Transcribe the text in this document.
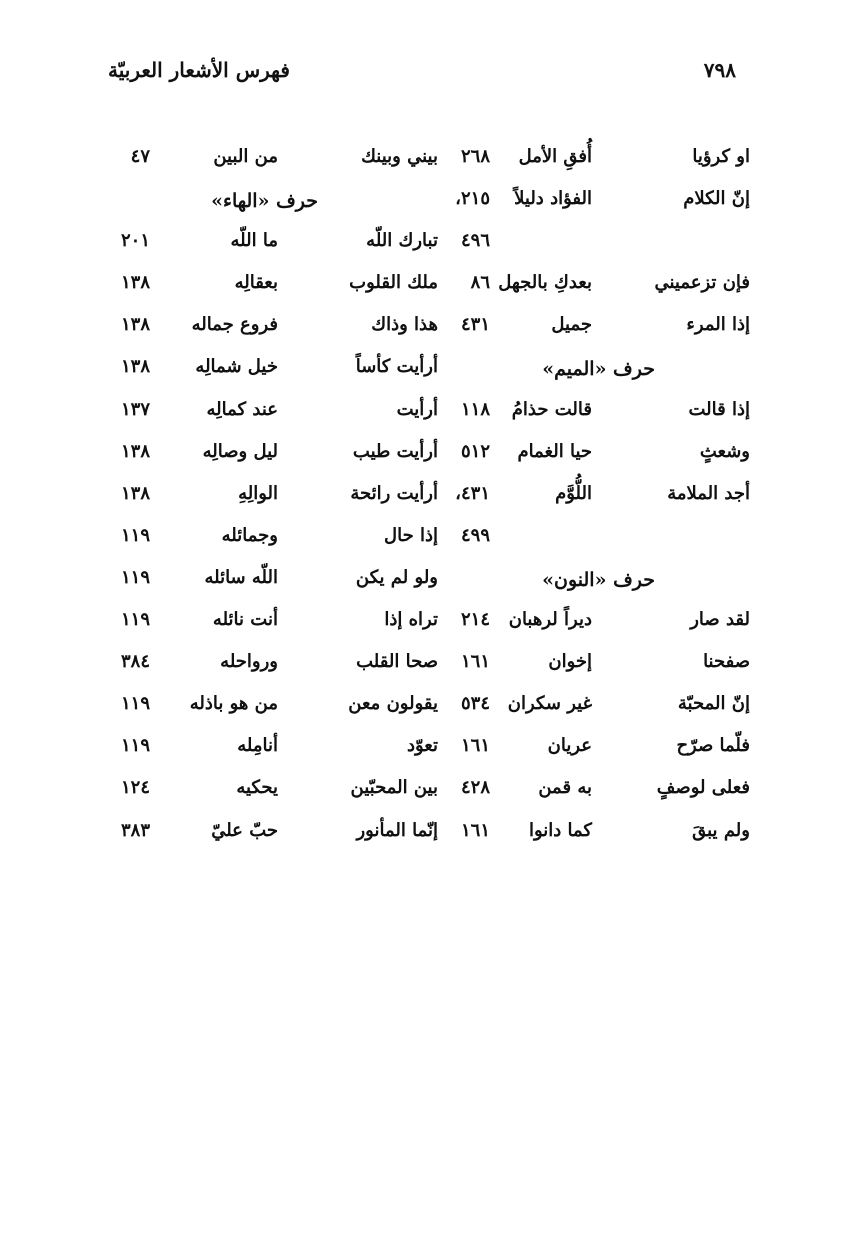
٧٩٨
فهرس الأشعار العربيّة
او كرؤيا
أُفقِ الأمل
٢٦٨
إنّ الكلام
الفؤاد دليلاً
٢١٥،
٤٩٦
فإن تزعميني
بعدكِ بالجهل
٨٦
إذا المرء
جميل
٤٣١
حرف «الميم»
إذا قالت
قالت حذامُ
١١٨
وشعثٍ
حيا الغمام
٥١٢
أجد الملامة
اللُّوَّم
٤٣١،
٤٩٩
حرف «النون»
لقد صار
ديراً لرهبان
٢١٤
صفحنا
إخوان
١٦١
إنّ المحبّة
غير سكران
٥٣٤
فلّما صرّح
عريان
١٦١
فعلى لوصفٍ
به قمن
٤٢٨
ولم يبقَ
كما دانوا
١٦١
بيني وبينك
من البين
٤٧
حرف «الهاء»
تبارك اللّه
ما اللّه
٢٠١
ملك القلوب
بعقالِه
١٣٨
هذا وذاك
فروع جماله
١٣٨
أرأيت كأساً
خيل شمالِه
١٣٨
أرأيت
عند كمالِه
١٣٧
أرأيت طيب
ليل وصالِه
١٣٨
أرأيت رائحة
الوالِهِ
١٣٨
إذا حال
وجمائله
١١٩
ولو لم يكن
اللّه سائله
١١٩
تراه إذا
أنت نائله
١١٩
صحا القلب
ورواحله
٣٨٤
يقولون معن
من هو باذله
١١٩
تعوّد
أنامِله
١١٩
بين المحبّين
يحكيه
١٢٤
إنّما المأنور
حبّ عليّ
٣٨٣
